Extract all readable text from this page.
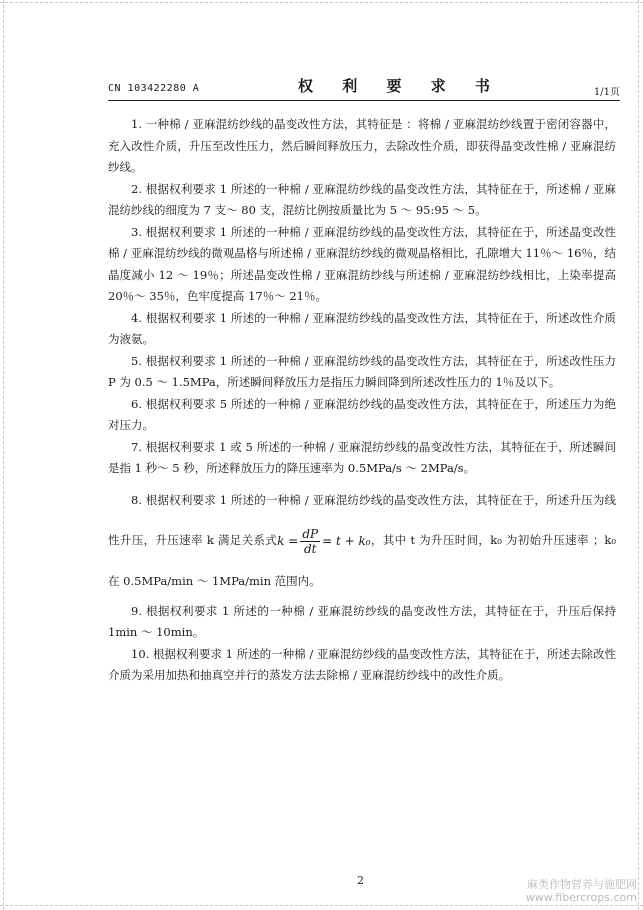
CN 103422280 A	权 利 要 求 书	1/1页

1. 一种棉 / 亚麻混纺纱线的晶变改性方法，其特征是 ：将棉 / 亚麻混纺纱线置于密闭容器中，充入改性介质，升压至改性压力，然后瞬间释放压力，去除改性介质，即获得晶变改性棉 / 亚麻混纺纱线。

2. 根据权利要求 1 所述的一种棉 / 亚麻混纺纱线的晶变改性方法，其特征在于，所述棉 / 亚麻混纺纱线的细度为 7 支～ 80 支，混纺比例按质量比为 5 ～ 95:95 ～ 5。

3. 根据权利要求 1 所述的一种棉 / 亚麻混纺纱线的晶变改性方法，其特征在于，所述晶变改性棉 / 亚麻混纺纱线的微观晶格与所述棉 / 亚麻混纺纱线的微观晶格相比，孔隙增大 11％～ 16％，结晶度减小 12 ～ 19％；所述晶变改性棉 / 亚麻混纺纱线与所述棉 / 亚麻混纺纱线相比，上染率提高 20％～ 35％，色牢度提高 17％～ 21％。

4. 根据权利要求 1 所述的一种棉 / 亚麻混纺纱线的晶变改性方法，其特征在于，所述改性介质为液氨。

5. 根据权利要求 1 所述的一种棉 / 亚麻混纺纱线的晶变改性方法，其特征在于，所述改性压力 P 为 0.5 ～ 1.5MPa，所述瞬间释放压力是指压力瞬间降到所述改性压力的 1％及以下。

6. 根据权利要求 5 所述的一种棉 / 亚麻混纺纱线的晶变改性方法，其特征在于，所述压力为绝对压力。

7. 根据权利要求 1 或 5 所述的一种棉 / 亚麻混纺纱线的晶变改性方法，其特征在于，所述瞬间是指 1 秒～ 5 秒，所述释放压力的降压速率为 0.5MPa/s ～ 2MPa/s。

8. 根据权利要求 1 所述的一种棉 / 亚麻混纺纱线的晶变改性方法，其特征在于，所述升压为线性升压，升压速率 k 满足关系式$k = \frac{dP}{dt} = t + k_0$，其中 t 为升压时间，k₀ 为初始升压速率 ；k₀ 在 0.5MPa/min ～ 1MPa/min 范围内。

9. 根据权利要求 1 所述的一种棉 / 亚麻混纺纱线的晶变改性方法，其特征在于，升压后保持 1min ～ 10min。

10. 根据权利要求 1 所述的一种棉 / 亚麻混纺纱线的晶变改性方法，其特征在于，所述去除改性介质为采用加热和抽真空并行的蒸发方法去除棉 / 亚麻混纺纱线中的改性介质。

2	麻类作物营养与施肥网
www.fibercrops.com
